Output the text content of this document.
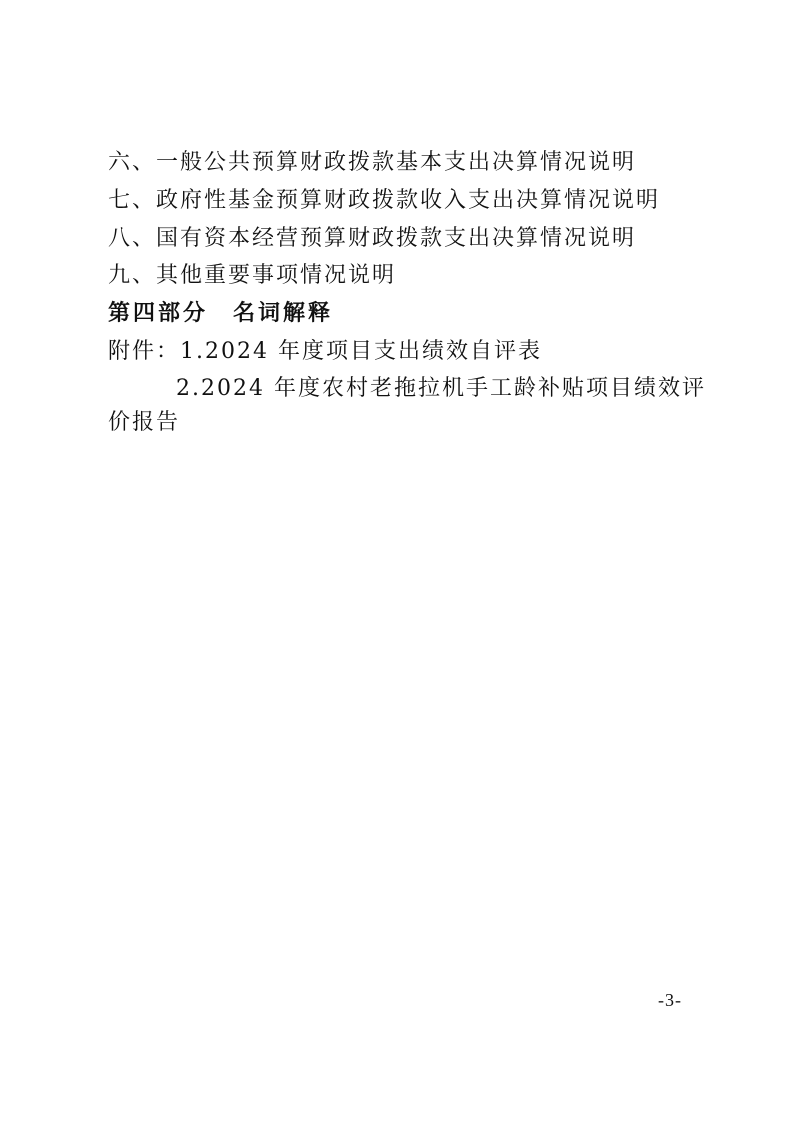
六、一般公共预算财政拨款基本支出决算情况说明
七、政府性基金预算财政拨款收入支出决算情况说明
八、国有资本经营预算财政拨款支出决算情况说明
九、其他重要事项情况说明
第四部分　名词解释
附件：1.2024 年度项目支出绩效自评表
2.2024 年度农村老拖拉机手工龄补贴项目绩效评
价报告
-3-
